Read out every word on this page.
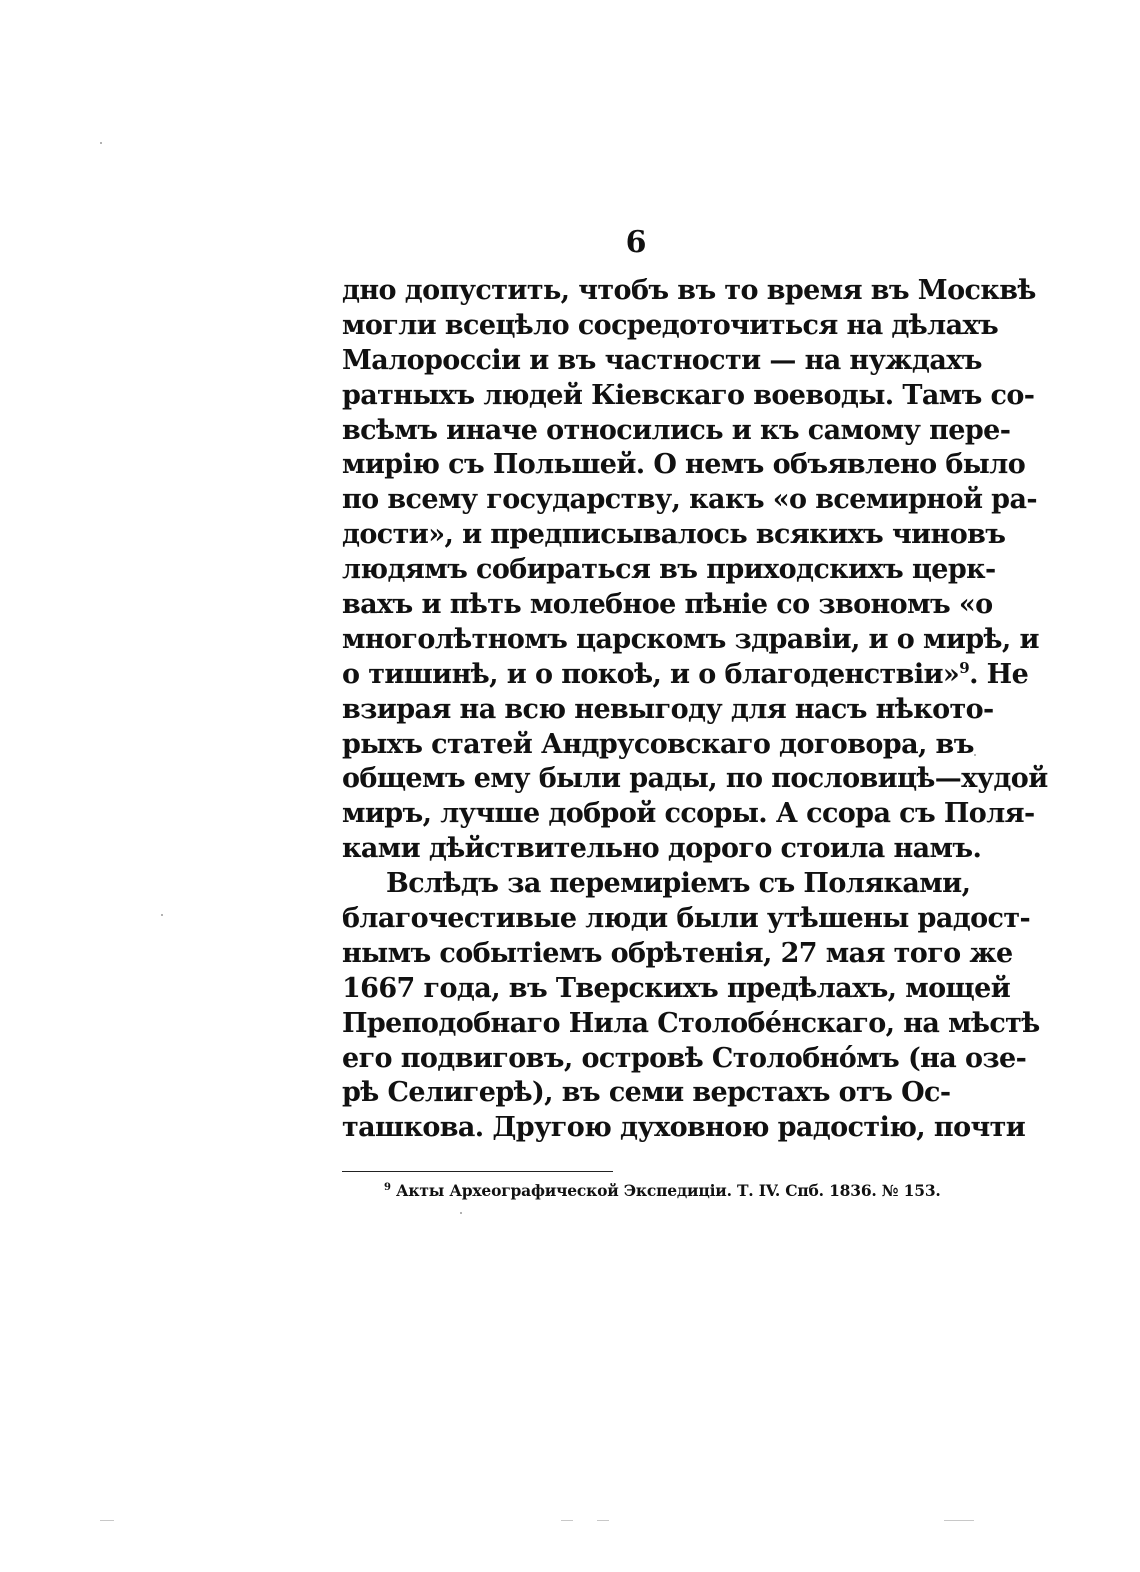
6
дно допустить, чтобъ въ то время въ Москвѣ
могли всецѣло сосредоточиться на дѣлахъ
Малороссіи и въ частности — на нуждахъ
ратныхъ людей Кіевскаго воеводы. Тамъ со-
всѣмъ иначе относились и къ самому пере-
миpiю съ Польшей. О немъ объявлено было
по всему государству, какъ «о всемирной ра-
дости», и предписывалось всякихъ чиновъ
людямъ собираться въ приходскихъ церк-
вахъ и пѣть молебное пѣніе со звономъ «о
многолѣтномъ царскомъ здравіи, и о мирѣ, и
о тишинѣ, и о покоѣ, и о благоденствіи»$^9$. Не
взирая на всю невыгоду для насъ нѣкото-
рыхъ статей Андрусовскаго договора, въ
общемъ ему были рады, по пословицѣ—худой
миръ, лучше доброй ссоры. А ссора съ Поля-
ками дѣйствительно дорого стоила намъ.
Вслѣдъ за перемиріемъ съ Поляками,
благочестивые люди были утѣшены радост-
нымъ событіемъ обрѣтенія, 27 мая того же
1667 года, въ Тверскихъ предѣлахъ, мощей
Преподобнаго Нила Столобе́нскаго, на мѣстѣ
его подвиговъ, островѣ Столобно́мъ (на озе-
рѣ Селигерѣ), въ семи верстахъ отъ Ос-
ташкова. Другою духовною радостію, почти
$^9$ Акты Археографической Экспедиціи. Т. IV. Спб. 1836. № 153.
